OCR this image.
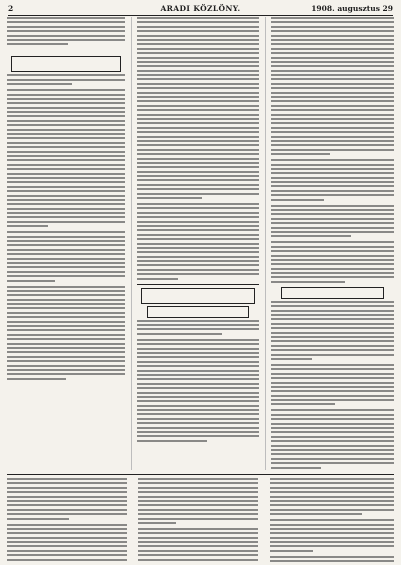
2	ARADI KÖZLÖNY.	1908. augusztus 29
